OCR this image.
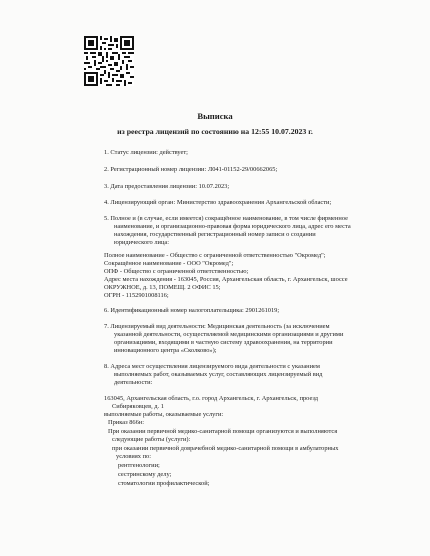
Выписка
из реестра лицензий по состоянию на 12:55 10.07.2023 г.
1. Статус лицензии: действует;
2. Регистрационный номер лицензии: Л041-01152-29/00662065;
3. Дата предоставления лицензии: 10.07.2023;
4. Лицензирующий орган: Министерство здравоохранения Архангельской области;
5. Полное и (в случае, если имеется) сокращённое наименование, в том числе фирменное
наименование, и организационно-правовая форма юридического лица, адрес его места
нахождения, государственный регистрационный номер записи о создании
юридического лица:
Полное наименование - Общество с ограниченной ответственностью "Окромед";
Сокращённое наименование - ООО "Окромед";
ОПФ - Общество с ограниченной ответственностью;
Адрес места нахождения - 163045, Россия, Архангельская область, г. Архангельск, шоссе
ОКРУЖНОЕ, д. 13, ПОМЕЩ. 2 ОФИС 15;
ОГРН - 1152901008116;
6. Идентификационный номер налогоплательщика: 2901261019;
7. Лицензируемый вид деятельности: Медицинская деятельность (за исключением
указанной деятельности, осуществляемой медицинскими организациями и другими
организациями, входящими в частную систему здравоохранения, на территории
инновационного центра «Сколково»);
8. Адреса мест осуществления лицензируемого вида деятельности с указанием
выполняемых работ, оказываемых услуг, составляющих лицензируемый вид
деятельности:
163045, Архангельская область, г.о. город Архангельск, г. Архангельск, проезд
Сибирякoвцев, д. 1
выполняемые работы, оказываемые услуги:
Приказ 866н:
При оказании первичной медико-санитарной помощи организуются и выполняются
следующие работы (услуги):
при оказании первичной доврачебной медико-санитарной помощи в амбулаторных
условиях по:
рентгенологии;
сестринскому делу;
стоматологии профилактической;
